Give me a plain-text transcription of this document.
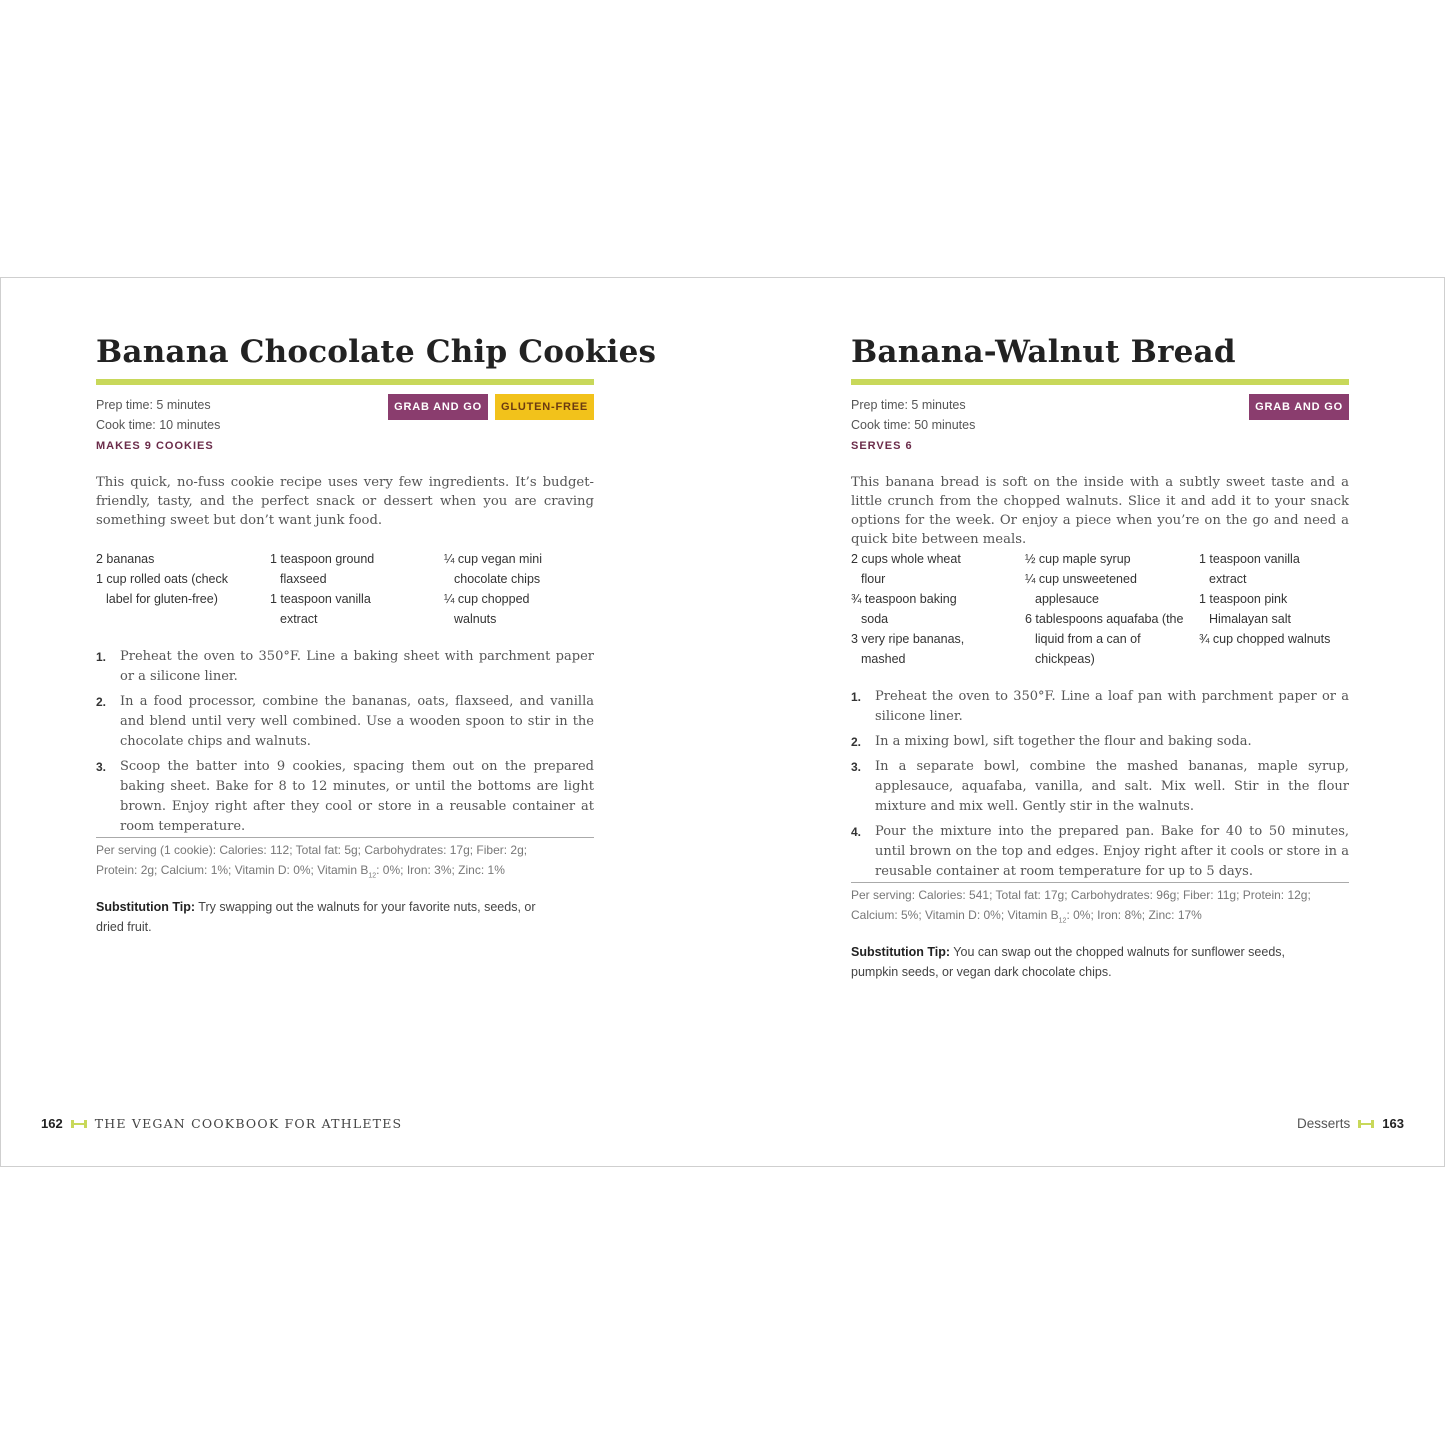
Banana Chocolate Chip Cookies
Prep time: 5 minutes
Cook time: 10 minutes
MAKES 9 COOKIES
GRAB AND GO	GLUTEN-FREE

This quick, no-fuss cookie recipe uses very few ingredients. It’s budget-friendly, tasty, and the perfect snack or dessert when you are craving something sweet but don’t want junk food.

2 bananas

1 cup rolled oats (check label for gluten-free)

1 teaspoon ground flaxseed

1 teaspoon vanilla extract

¼ cup vegan mini chocolate chips

¼ cup chopped walnuts

1. Preheat the oven to 350°F. Line a baking sheet with parchment paper or a silicone liner.
2. In a food processor, combine the bananas, oats, flaxseed, and vanilla and blend until very well combined. Use a wooden spoon to stir in the chocolate chips and walnuts.
3. Scoop the batter into 9 cookies, spacing them out on the prepared baking sheet. Bake for 8 to 12 minutes, or until the bottoms are light brown. Enjoy right after they cool or store in a reusable container at room temperature.
Per serving (1 cookie): Calories: 112; Total fat: 5g; Carbohydrates: 17g; Fiber: 2g; Protein: 2g; Calcium: 1%; Vitamin D: 0%; Vitamin $B_{12}$: 0%; Iron: 3%; Zinc: 1%
Substitution Tip: Try swapping out the walnuts for your favorite nuts, seeds, or dried fruit.
Banana-Walnut Bread
Prep time: 5 minutes
Cook time: 50 minutes
SERVES 6
GRAB AND GO

This banana bread is soft on the inside with a subtly sweet taste and a little crunch from the chopped walnuts. Slice it and add it to your snack options for the week. Or enjoy a piece when you’re on the go and need a quick bite between meals.

2 cups whole wheat flour

¾ teaspoon baking soda

3 very ripe bananas, mashed

½ cup maple syrup

¼ cup unsweetened applesauce

6 tablespoons aquafaba (the liquid from a can of chickpeas)

1 teaspoon vanilla extract

1 teaspoon pink Himalayan salt

¾ cup chopped walnuts

1. Preheat the oven to 350°F. Line a loaf pan with parchment paper or a silicone liner.
2. In a mixing bowl, sift together the flour and baking soda.
3. In a separate bowl, combine the mashed bananas, maple syrup, applesauce, aquafaba, vanilla, and salt. Mix well. Stir in the flour mixture and mix well. Gently stir in the walnuts.
4. Pour the mixture into the prepared pan. Bake for 40 to 50 minutes, until brown on the top and edges. Enjoy right after it cools or store in a reusable container at room temperature for up to 5 days.
Per serving: Calories: 541; Total fat: 17g; Carbohydrates: 96g; Fiber: 11g; Protein: 12g; Calcium: 5%; Vitamin D: 0%; Vitamin $B_{12}$: 0%; Iron: 8%; Zinc: 17%
Substitution Tip: You can swap out the chopped walnuts for sunflower seeds, pumpkin seeds, or vegan dark chocolate chips.
162	THE VEGAN COOKBOOK FOR ATHLETES	Desserts 163
